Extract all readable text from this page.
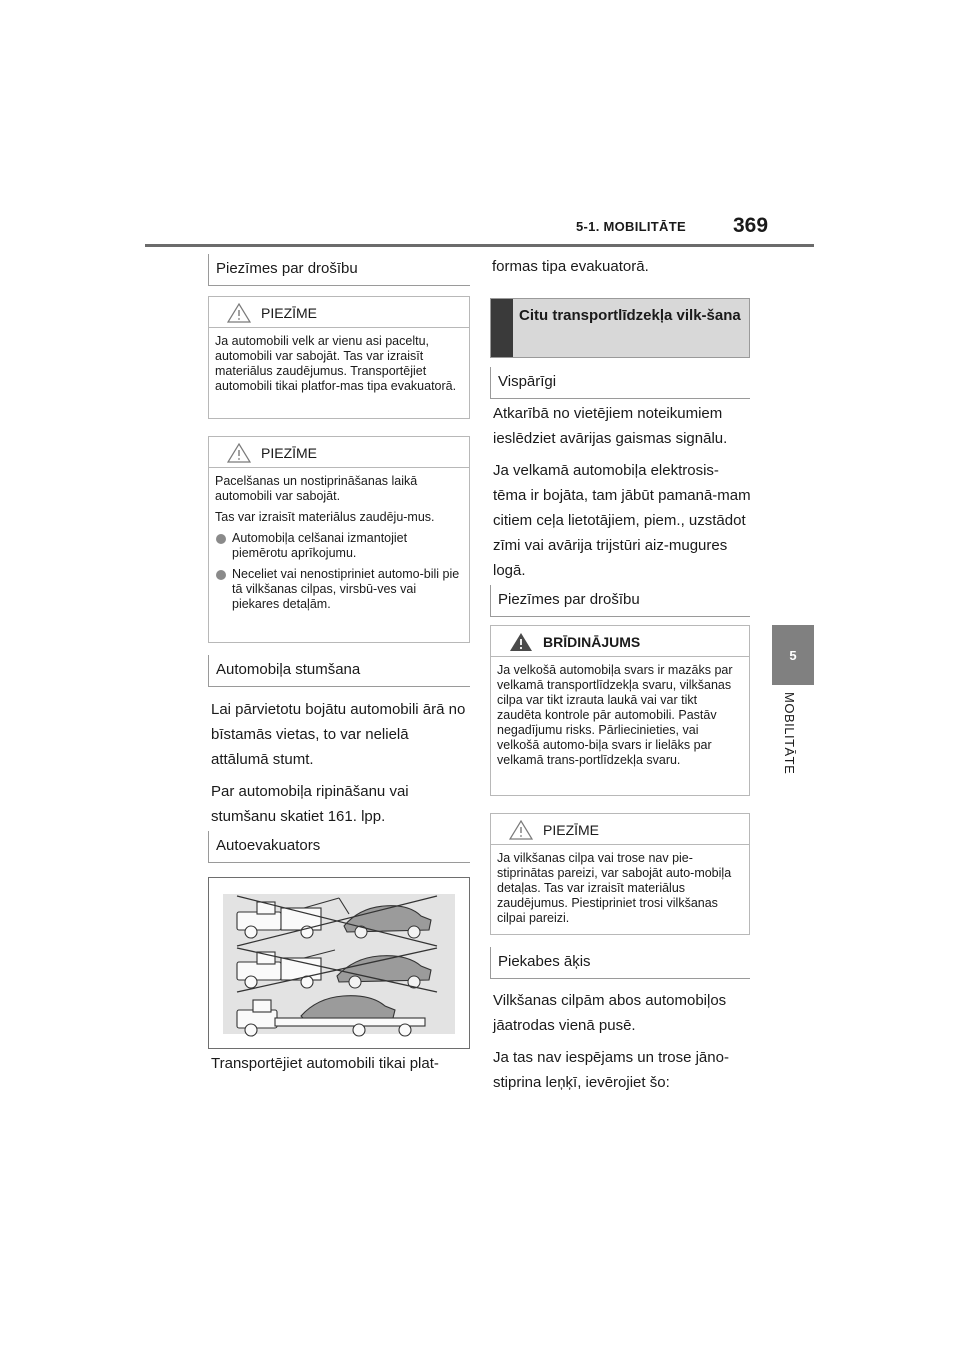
5-1. MOBILITĀTE 369
5
MOBILITĀTE
Piezīmes par drošību
PIEZĪME

Ja automobili velk ar vienu asi paceltu, automobili var sabojāt. Tas var izraisīt materiālus zaudējumus. Transportējiet automobili tikai platfor-mas tipa evakuatorā.

PIEZĪME

Pacelšanas un nostiprināšanas laikā automobili var sabojāt.

Tas var izraisīt materiālus zaudēju-mus.

Automobiļa celšanai izmantojiet piemērotu aprīkojumu.
Neceliet vai nenostipriniet automo-bili pie tā vilkšanas cilpas, virsbū-ves vai piekares detaļām.
Automobiļa stumšana

Lai pārvietotu bojātu automobili ārā no bīstamās vietas, to var nelielā attālumā stumt.

Par automobiļa ripināšanu vai stumšanu skatiet 161. lpp.

Autoevakuators

Transportējiet automobili tikai plat-

formas tipa evakuatorā.

Citu transportlīdzekļa vilk-šana
Vispārīgi

Atkarībā no vietējiem noteikumiem ieslēdziet avārijas gaismas signālu.

Ja velkamā automobiļa elektrosis-tēma ir bojāta, tam jābūt pamanā-mam citiem ceļa lietotājiem, piem., uzstādot zīmi vai avārija trijstūri aiz-mugures logā.

Piezīmes par drošību
BRĪDINĀJUMS

Ja velkošā automobiļa svars ir mazāks par velkamā transportlīdzekļa svaru, vilkšanas cilpa var tikt izrauta laukā vai var tikt zaudēta kontrole pār automobili. Pastāv negadījumu risks. Pārliecinieties, vai velkošā automo-biļa svars ir lielāks par velkamā trans-portlīdzekļa svaru.

PIEZĪME

Ja vilkšanas cilpa vai trose nav pie-stiprinātas pareizi, var sabojāt auto-mobiļa detaļas. Tas var izraisīt materiālus zaudējumus. Piestipriniet trosi vilkšanas cilpai pareizi.

Piekabes āķis

Vilkšanas cilpām abos automobiļos jāatrodas vienā pusē.

Ja tas nav iespējams un trose jāno-stiprina leņķī, ievērojiet šo:
